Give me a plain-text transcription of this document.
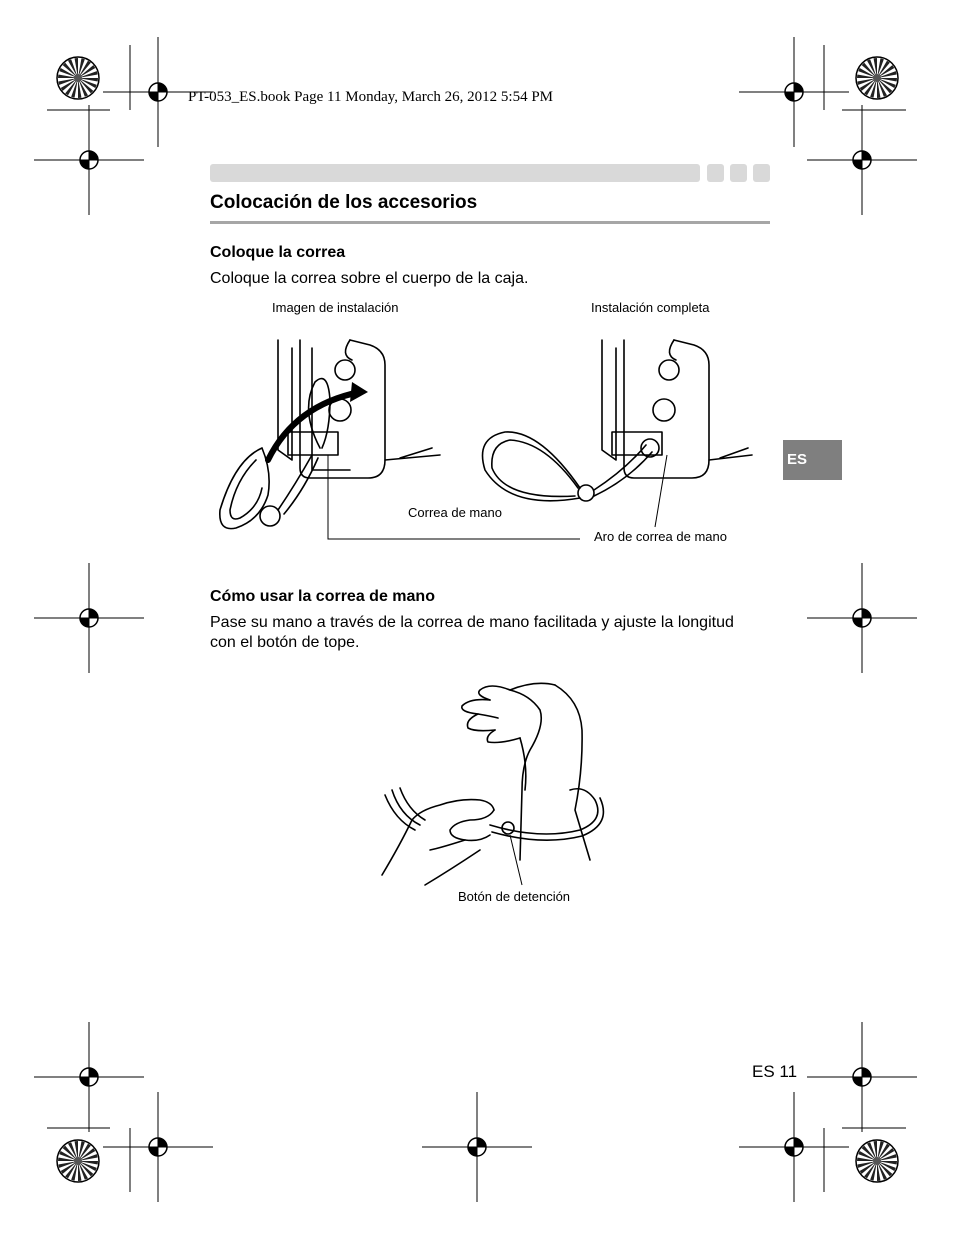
PT-053_ES.book Page 11 Monday, March 26, 2012 5:54 PM
Colocación de los accesorios
Coloque la correa
Coloque la correa sobre el cuerpo de la caja.
Imagen de instalación	Instalación completa
Correa de mano
Aro de correa de mano
ES
Cómo usar la correa de mano
Pase su mano a través de la correa de mano facilitada y ajuste la longitud
con el botón de tope.
Botón de detención
ES 11
